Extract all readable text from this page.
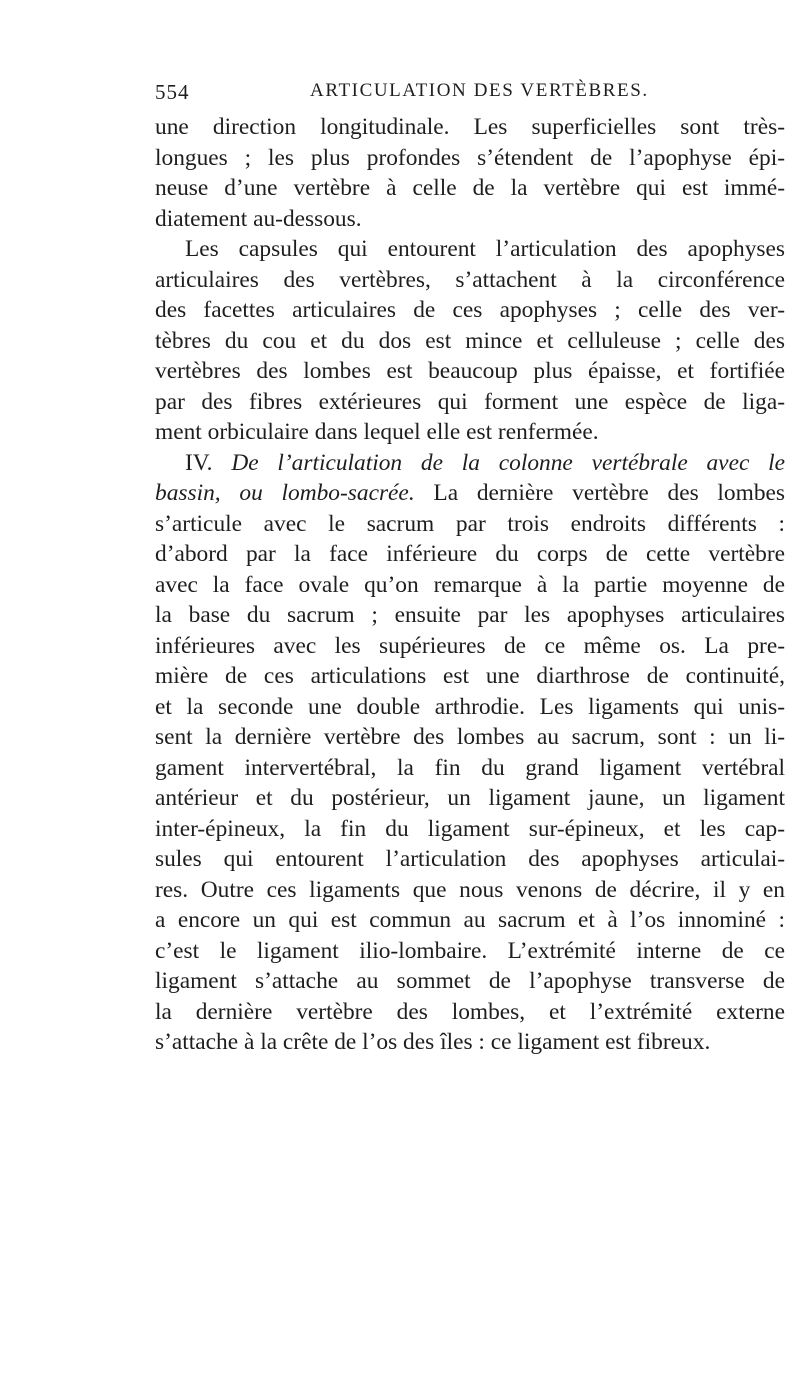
554	ARTICULATION DES VERTÈBRES.
une direction longitudinale. Les superficielles sont très-
longues ; les plus profondes s’étendent de l’apophyse épi-
neuse d’une vertèbre à celle de la vertèbre qui est immé-
diatement au-dessous.
Les capsules qui entourent l’articulation des apophyses
articulaires des vertèbres, s’attachent à la circonférence
des facettes articulaires de ces apophyses ; celle des ver-
tèbres du cou et du dos est mince et celluleuse ; celle des
vertèbres des lombes est beaucoup plus épaisse, et fortifiée
par des fibres extérieures qui forment une espèce de liga-
ment orbiculaire dans lequel elle est renfermée.
IV. De l’articulation de la colonne vertébrale avec le
bassin, ou lombo-sacrée. La dernière vertèbre des lombes
s’articule avec le sacrum par trois endroits différents :
d’abord par la face inférieure du corps de cette vertèbre
avec la face ovale qu’on remarque à la partie moyenne de
la base du sacrum ; ensuite par les apophyses articulaires
inférieures avec les supérieures de ce même os. La pre-
mière de ces articulations est une diarthrose de continuité,
et la seconde une double arthrodie. Les ligaments qui unis-
sent la dernière vertèbre des lombes au sacrum, sont : un li-
gament intervertébral, la fin du grand ligament vertébral
antérieur et du postérieur, un ligament jaune, un ligament
inter-épineux, la fin du ligament sur-épineux, et les cap-
sules qui entourent l’articulation des apophyses articulai-
res. Outre ces ligaments que nous venons de décrire, il y en
a encore un qui est commun au sacrum et à l’os innominé :
c’est le ligament ilio-lombaire. L’extrémité interne de ce
ligament s’attache au sommet de l’apophyse transverse de
la dernière vertèbre des lombes, et l’extrémité externe
s’attache à la crête de l’os des îles : ce ligament est fibreux.
